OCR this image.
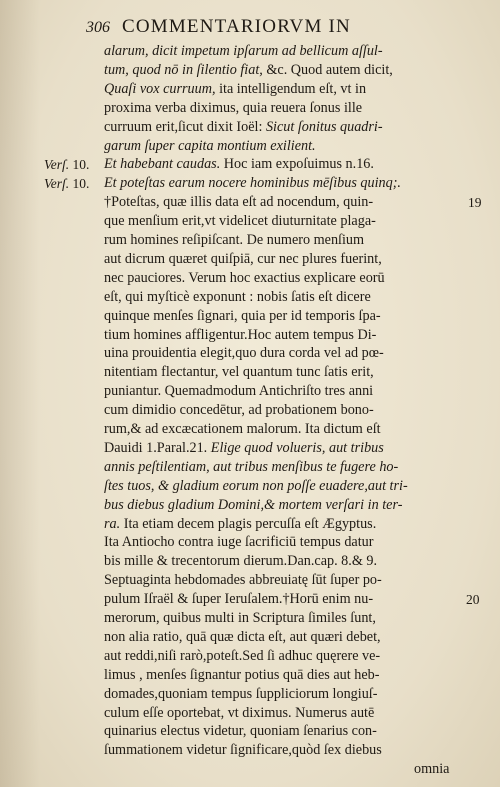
306 COMMENTARIORVM IN
alarum, dicit impetum ipſarum ad bellicum aſſul-
tum, quod nō in ſilentio fiat, &c. Quod autem dicit,
Quaſi vox curruum, ita intelligendum eſt, vt in
proxima verba diximus, quia reuera ſonus ille
curruum erit,ſicut dixit Ioël: Sicut ſonitus quadri-
garum ſuper capita montium exilient.
Verſ. 10. Et habebant caudas. Hoc iam expoſuimus n.16.
Verſ. 10. Et poteſtas earum nocere hominibus mēſibus quinq;.
†Poteſtas, quæ illis data eſt ad nocendum, quin-	19
que menſium erit,vt videlicet diuturnitate plaga-
rum homines reſipiſcant. De numero menſium
aut dicrum quæret quiſpiā, cur nec plures fuerint,
nec pauciores. Verum hoc exactius explicare eorū
eſt, qui myſticè exponunt : nobis ſatis eſt dicere
quinque menſes ſignari, quia per id temporis ſpa-
tium homines affligentur.Hoc autem tempus Di-
uina prouidentia elegit,quo dura corda vel ad pœ-
nitentiam flectantur, vel quantum tunc ſatis erit,
puniantur. Quemadmodum Antichriſto tres anni
cum dimidio concedētur, ad probationem bono-
rum,& ad excæcationem malorum. Ita dictum eſt
Dauidi 1.Paral.21. Elige quod volueris, aut tribus
annis peſtilentiam, aut tribus menſibus te fugere ho-
ſtes tuos, & gladium eorum non poſſe euadere,aut tri-
bus diebus gladium Domini,& mortem verſari in ter-
ra. Ita etiam decem plagis percuſſa eſt Ægyptus.
Ita Antiocho contra iuge ſacrificiū tempus datur
bis mille & trecentorum dierum.Dan.cap. 8.& 9.
Septuaginta hebdomades abbreuiatę ſūt ſuper po-
pulum Iſraël & ſuper Ieruſalem.†Horū enim nu-
merorum, quibus multi in Scriptura ſimiles ſunt,
20
non alia ratio, quā quæ dicta eſt, aut quæri debet,
aut reddi,niſi rarò,poteſt.Sed ſi adhuc quęrere ve-
limus , menſes ſignantur potius quā dies aut heb-
domades,quoniam tempus ſuppliciorum longiuſ-
culum eſſe oportebat, vt diximus. Numerus autē
quinarius electus videtur, quoniam ſenarius con-
ſummationem videtur ſignificare,quòd ſex diebus
omnia
